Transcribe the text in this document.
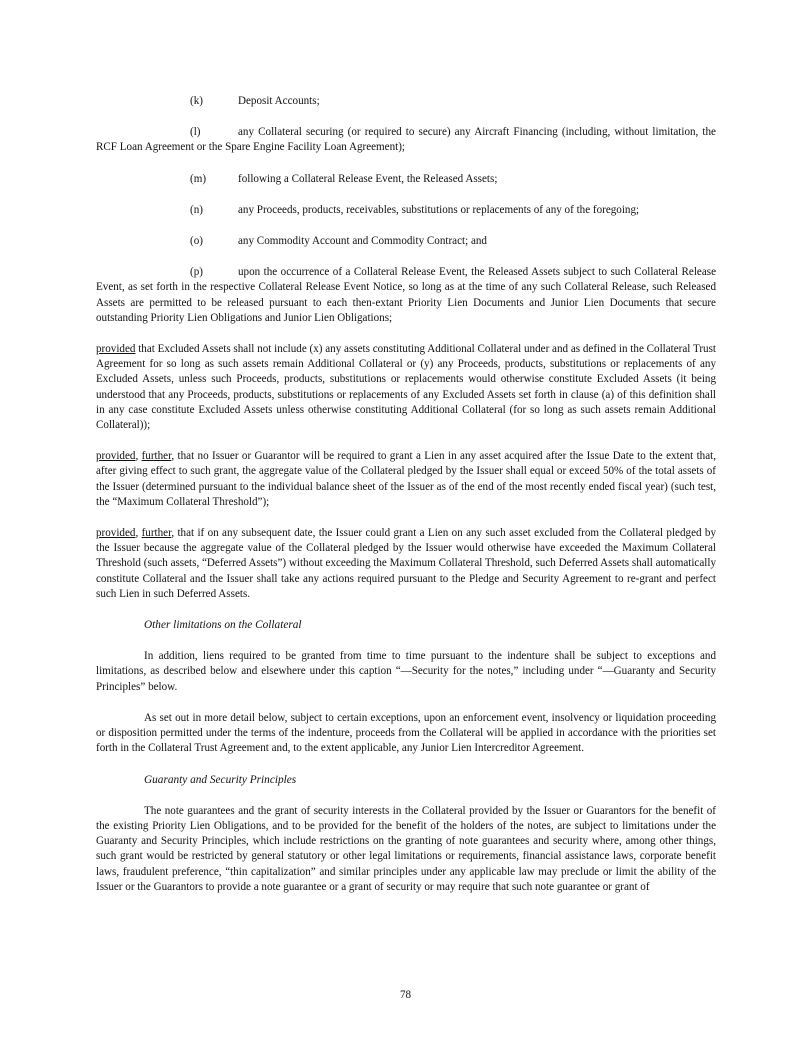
(k)	Deposit Accounts;
(l)	any Collateral securing (or required to secure) any Aircraft Financing (including, without limitation, the RCF Loan Agreement or the Spare Engine Facility Loan Agreement);
(m)	following a Collateral Release Event, the Released Assets;
(n)	any Proceeds, products, receivables, substitutions or replacements of any of the foregoing;
(o)	any Commodity Account and Commodity Contract; and
(p)	upon the occurrence of a Collateral Release Event, the Released Assets subject to such Collateral Release Event, as set forth in the respective Collateral Release Event Notice, so long as at the time of any such Collateral Release, such Released Assets are permitted to be released pursuant to each then-extant Priority Lien Documents and Junior Lien Documents that secure outstanding Priority Lien Obligations and Junior Lien Obligations;
provided that Excluded Assets shall not include (x) any assets constituting Additional Collateral under and as defined in the Collateral Trust Agreement for so long as such assets remain Additional Collateral or (y) any Proceeds, products, substitutions or replacements of any Excluded Assets, unless such Proceeds, products, substitutions or replacements would otherwise constitute Excluded Assets (it being understood that any Proceeds, products, substitutions or replacements of any Excluded Assets set forth in clause (a) of this definition shall in any case constitute Excluded Assets unless otherwise constituting Additional Collateral (for so long as such assets remain Additional Collateral));
provided, further, that no Issuer or Guarantor will be required to grant a Lien in any asset acquired after the Issue Date to the extent that, after giving effect to such grant, the aggregate value of the Collateral pledged by the Issuer shall equal or exceed 50% of the total assets of the Issuer (determined pursuant to the individual balance sheet of the Issuer as of the end of the most recently ended fiscal year) (such test, the “Maximum Collateral Threshold”);
provided, further, that if on any subsequent date, the Issuer could grant a Lien on any such asset excluded from the Collateral pledged by the Issuer because the aggregate value of the Collateral pledged by the Issuer would otherwise have exceeded the Maximum Collateral Threshold (such assets, “Deferred Assets”) without exceeding the Maximum Collateral Threshold, such Deferred Assets shall automatically constitute Collateral and the Issuer shall take any actions required pursuant to the Pledge and Security Agreement to re-grant and perfect such Lien in such Deferred Assets.
Other limitations on the Collateral
In addition, liens required to be granted from time to time pursuant to the indenture shall be subject to exceptions and limitations, as described below and elsewhere under this caption “—Security for the notes,” including under “—Guaranty and Security Principles” below.
As set out in more detail below, subject to certain exceptions, upon an enforcement event, insolvency or liquidation proceeding or disposition permitted under the terms of the indenture, proceeds from the Collateral will be applied in accordance with the priorities set forth in the Collateral Trust Agreement and, to the extent applicable, any Junior Lien Intercreditor Agreement.
Guaranty and Security Principles
The note guarantees and the grant of security interests in the Collateral provided by the Issuer or Guarantors for the benefit of the existing Priority Lien Obligations, and to be provided for the benefit of the holders of the notes, are subject to limitations under the Guaranty and Security Principles, which include restrictions on the granting of note guarantees and security where, among other things, such grant would be restricted by general statutory or other legal limitations or requirements, financial assistance laws, corporate benefit laws, fraudulent preference, “thin capitalization” and similar principles under any applicable law may preclude or limit the ability of the Issuer or the Guarantors to provide a note guarantee or a grant of security or may require that such note guarantee or grant of
78
